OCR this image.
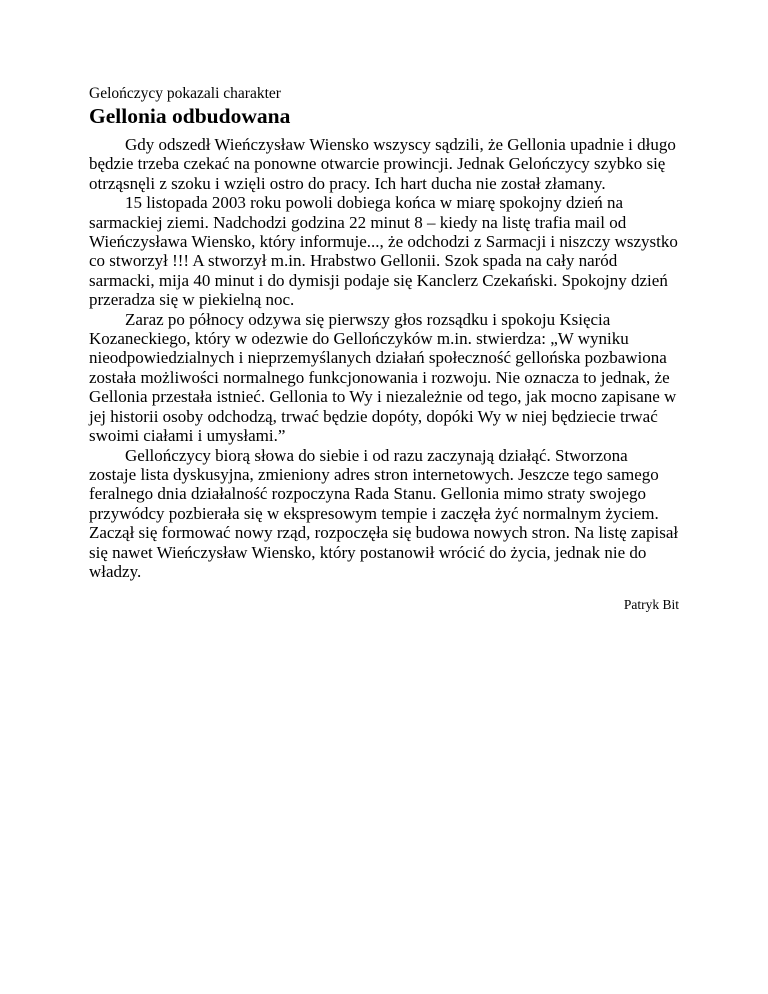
Gelończycy pokazali charakter

Gellonia odbudowana

Gdy odszedł Wieńczysław Wiensko wszyscy sądzili, że Gellonia upadnie i długo będzie trzeba czekać na ponowne otwarcie prowincji. Jednak Gelończycy szybko się otrząsnęli z szoku i wzięli ostro do pracy. Ich hart ducha nie został złamany.

15 listopada 2003 roku powoli dobiega końca w miarę spokojny dzień na sarmackiej ziemi. Nadchodzi godzina 22 minut 8 – kiedy na listę trafia mail od Wieńczysława Wiensko, który informuje..., że odchodzi z Sarmacji i niszczy wszystko co stworzył !!! A stworzył m.in. Hrabstwo Gellonii. Szok spada na cały naród sarmacki, mija 40 minut i do dymisji podaje się Kanclerz Czekański. Spokojny dzień przeradza się w piekielną noc.

Zaraz po północy odzywa się pierwszy głos rozsądku i spokoju Księcia Kozaneckiego, który w odezwie do Gellończyków m.in. stwierdza: „W wyniku nieodpowiedzialnych i nieprzemyślanych działań społeczność gellońska pozbawiona została możliwości normalnego funkcjonowania i rozwoju. Nie oznacza to jednak, że Gellonia przestała istnieć. Gellonia to Wy i niezależnie od tego, jak mocno zapisane w jej historii osoby odchodzą, trwać będzie dopóty, dopóki Wy w niej będziecie trwać swoimi ciałami i umysłami.”

Gellończycy biorą słowa do siebie i od razu zaczynają działąć. Stworzona zostaje lista dyskusyjna, zmieniony adres stron internetowych. Jeszcze tego samego feralnego dnia działalność rozpoczyna Rada Stanu. Gellonia mimo straty swojego przywódcy pozbierała się w ekspresowym tempie i zaczęła żyć normalnym życiem. Zaczął się formować nowy rząd, rozpoczęła się budowa nowych stron. Na listę zapisał się nawet Wieńczysław Wiensko, który postanowił wrócić do życia, jednak nie do władzy.

Patryk Bit
